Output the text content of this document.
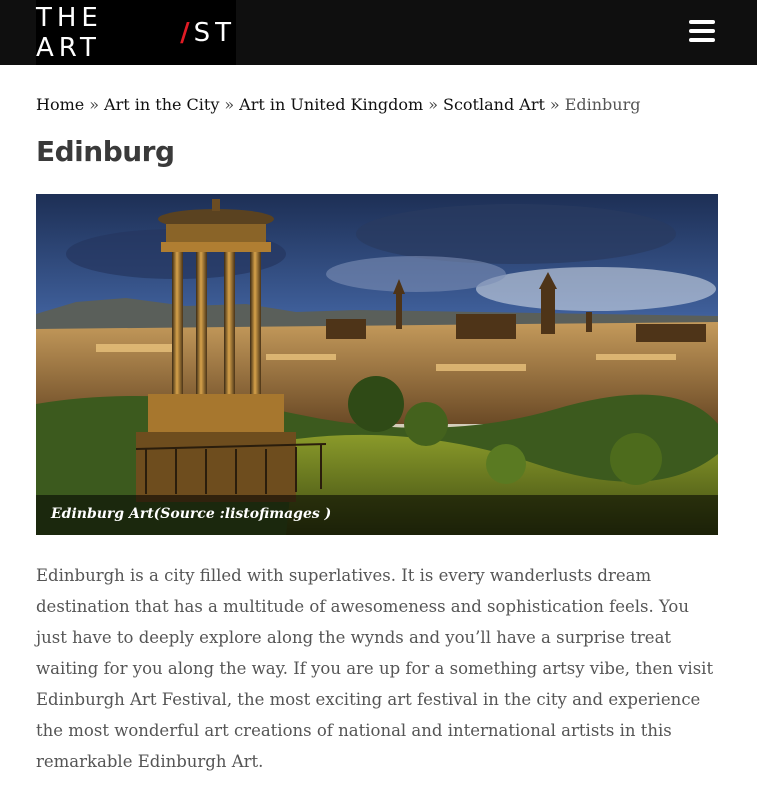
THE ART	/ ST
Home » Art in the City » Art in United Kingdom » Scotland Art » Edinburg
Edinburg
Edinburg Art(Source :listofimages )

Edinburgh is a city filled with superlatives. It is every wanderlusts dream destination that has a multitude of awesomeness and sophistication feels. You just have to deeply explore along the wynds and you’ll have a surprise treat waiting for you along the way. If you are up for a something artsy vibe, then visit Edinburgh Art Festival, the most exciting art festival in the city and experience the most wonderful art creations of national and international artists in this remarkable Edinburgh Art.
